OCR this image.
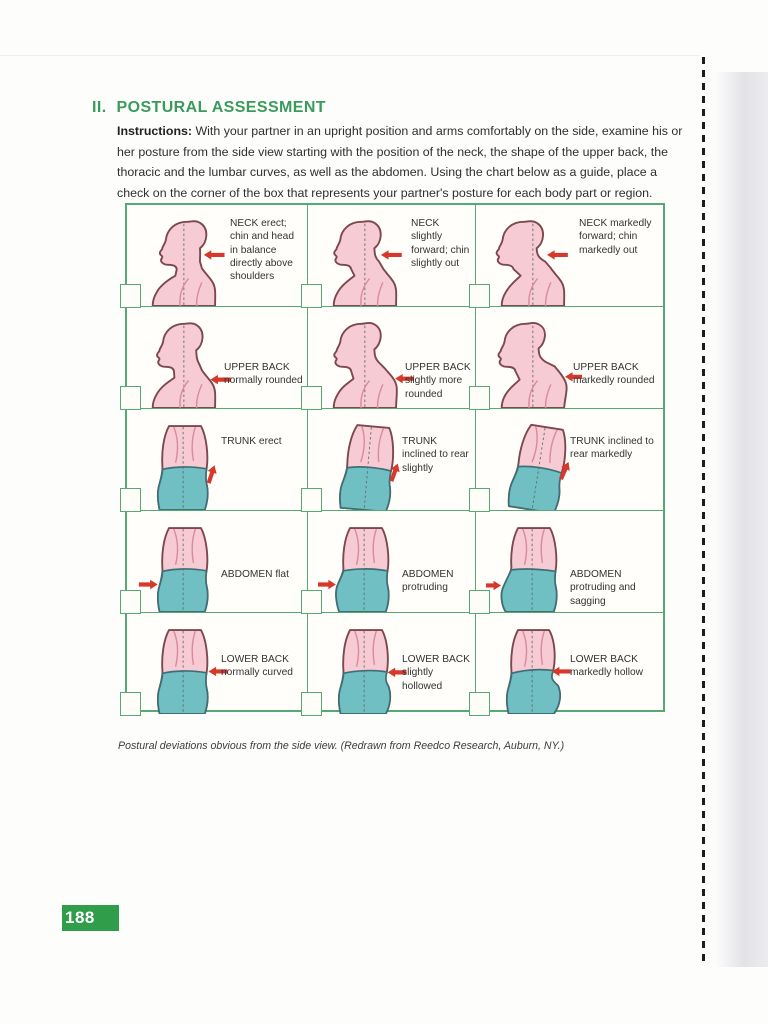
II. POSTURAL ASSESSMENT
Instructions: With your partner in an upright position and arms comfortably on the side, examine his or her posture from the side view starting with the position of the neck, the shape of the upper back, the thoracic and the lumbar curves, as well as the abdomen. Using the chart below as a guide, place a check on the corner of the box that represents your partner's posture for each body part or region.
NECK erect; chin and head in balance directly above shoulders
NECK slightly forward; chin slightly out
NECK markedly forward; chin markedly out
UPPER BACK normally rounded
UPPER BACK slightly more rounded
UPPER BACK markedly rounded
TRUNK erect	TRUNK inclined to rear slightly
TRUNK inclined to rear markedly
ABDOMEN flat	ABDOMEN protruding
ABDOMEN protruding and sagging
LOWER BACK normally curved
LOWER BACK slightly hollowed
LOWER BACK markedly hollow
Postural deviations obvious from the side view. (Redrawn from Reedco Research, Auburn, NY.)
188
